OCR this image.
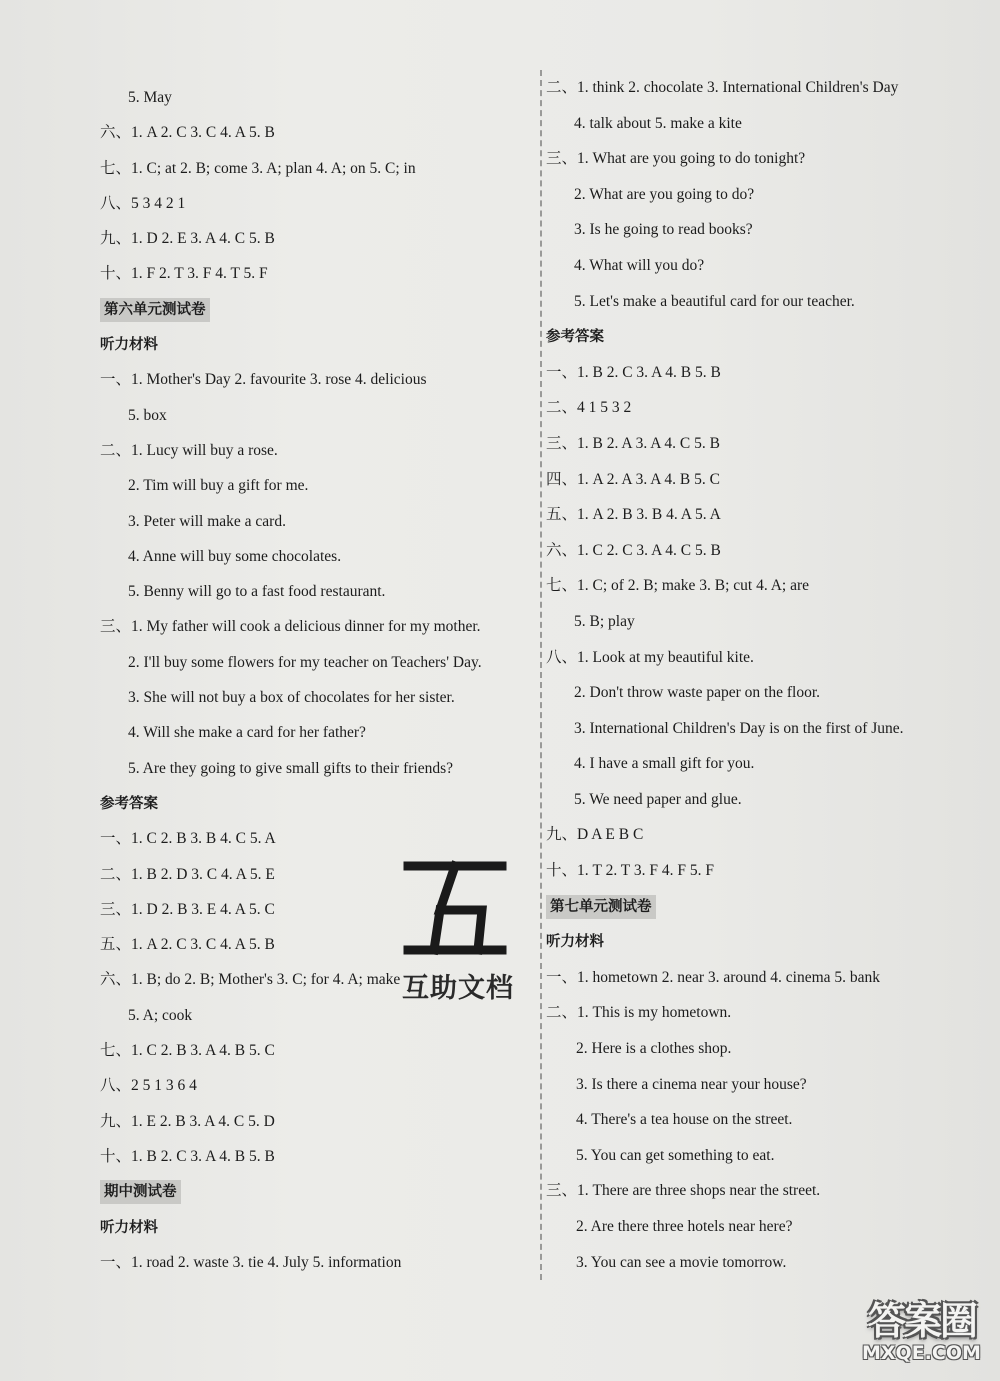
5. May
六、1. A 2. C 3. C 4. A 5. B
七、1. C; at 2. B; come 3. A; plan 4. A; on 5. C; in
八、5 3 4 2 1
九、1. D 2. E 3. A 4. C 5. B
十、1. F 2. T 3. F 4. T 5. F
第六单元测试卷
听力材料
一、1. Mother's Day 2. favourite 3. rose 4. delicious
5. box
二、1. Lucy will buy a rose.
2. Tim will buy a gift for me.
3. Peter will make a card.
4. Anne will buy some chocolates.
5. Benny will go to a fast food restaurant.
三、1. My father will cook a delicious dinner for my mother.
2. I'll buy some flowers for my teacher on Teachers' Day.
3. She will not buy a box of chocolates for her sister.
4. Will she make a card for her father?
5. Are they going to give small gifts to their friends?
参考答案
一、1. C 2. B 3. B 4. C 5. A
二、1. B 2. D 3. C 4. A 5. E
三、1. D 2. B 3. E 4. A 5. C
五、1. A 2. C 3. C 4. A 5. B
六、1. B; do 2. B; Mother's 3. C; for 4. A; make
5. A; cook
七、1. C 2. B 3. A 4. B 5. C
八、2 5 1 3 6 4
九、1. E 2. B 3. A 4. C 5. D
十、1. B 2. C 3. A 4. B 5. B
期中测试卷
听力材料
一、1. road 2. waste 3. tie 4. July 5. information
二、1. think 2. chocolate 3. International Children's Day
4. talk about 5. make a kite
三、1. What are you going to do tonight?
2. What are you going to do?
3. Is he going to read books?
4. What will you do?
5. Let's make a beautiful card for our teacher.
参考答案
一、1. B 2. C 3. A 4. B 5. B
二、4 1 5 3 2
三、1. B 2. A 3. A 4. C 5. B
四、1. A 2. A 3. A 4. B 5. C
五、1. A 2. B 3. B 4. A 5. A
六、1. C 2. C 3. A 4. C 5. B
七、1. C; of 2. B; make 3. B; cut 4. A; are
5. B; play
八、1. Look at my beautiful kite.
2. Don't throw waste paper on the floor.
3. International Children's Day is on the first of June.
4. I have a small gift for you.
5. We need paper and glue.
九、D A E B C
十、1. T 2. T 3. F 4. F 5. F
第七单元测试卷
听力材料
一、1. hometown 2. near 3. around 4. cinema 5. bank
二、1. This is my hometown.
2. Here is a clothes shop.
3. Is there a cinema near your house?
4. There's a tea house on the street.
5. You can get something to eat.
三、1. There are three shops near the street.
2. Are there three hotels near here?
3. You can see a movie tomorrow.
互助文档
答案圈
MXQE.COM
